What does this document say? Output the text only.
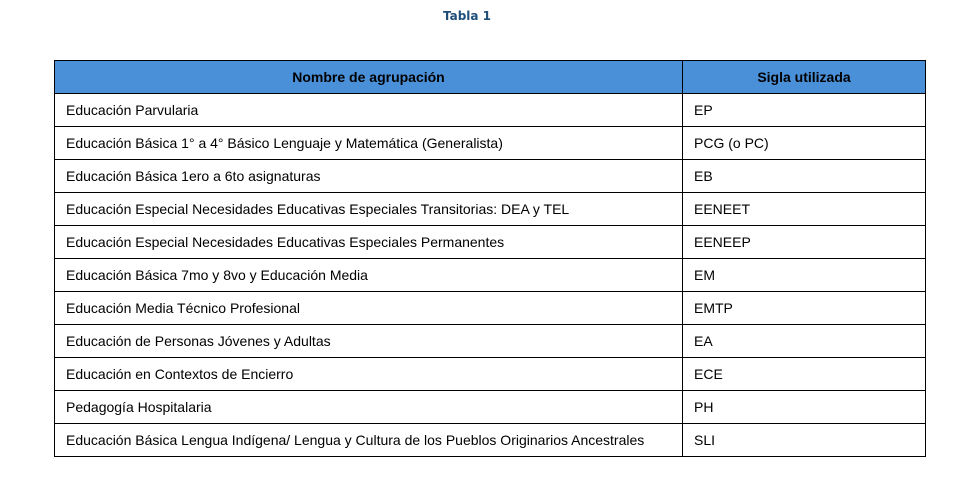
Tabla 1
Nombre de agrupación	Sigla utilizada
Educación Parvularia	EP
Educación Básica 1° a 4° Básico Lenguaje y Matemática (Generalista)	PCG (o PC)
Educación Básica 1ero a 6to asignaturas	EB
Educación Especial Necesidades Educativas Especiales Transitorias: DEA y TEL	EENEET
Educación Especial Necesidades Educativas Especiales Permanentes	EENEEP
Educación Básica 7mo y 8vo y Educación Media	EM
Educación Media Técnico Profesional	EMTP
Educación de Personas Jóvenes y Adultas	EA
Educación en Contextos de Encierro	ECE
Pedagogía Hospitalaria	PH
Educación Básica Lengua Indígena/ Lengua y Cultura de los Pueblos Originarios Ancestrales	SLI
